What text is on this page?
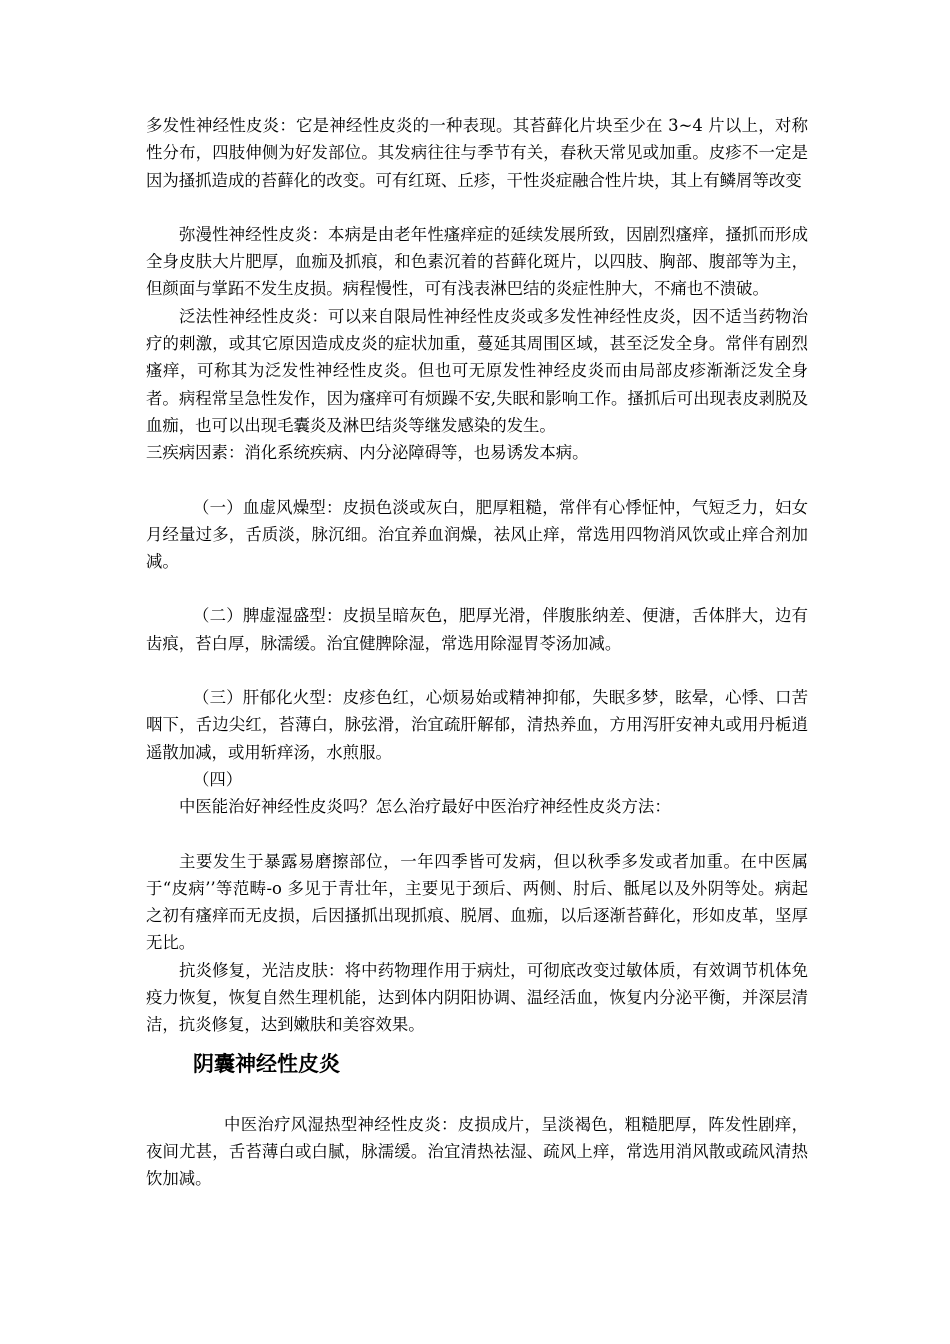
多发性神经性皮炎：它是神经性皮炎的一种表现。其苔藓化片块至少在 3~4 片以上，对称性分布，四肢伸侧为好发部位。其发病往往与季节有关，春秋天常见或加重。皮疹不一定是因为搔抓造成的苔藓化的改变。可有红斑、丘疹，干性炎症融合性片块，其上有鳞屑等改变

弥漫性神经性皮炎：本病是由老年性瘙痒症的延续发展所致，因剧烈瘙痒，搔抓而形成全身皮肤大片肥厚，血痂及抓痕，和色素沉着的苔藓化斑片，以四肢、胸部、腹部等为主，但颜面与掌跖不发生皮损。病程慢性，可有浅表淋巴结的炎症性肿大，不痛也不溃破。

泛法性神经性皮炎：可以来自限局性神经性皮炎或多发性神经性皮炎，因不适当药物治疗的刺激，或其它原因造成皮炎的症状加重，蔓延其周围区域，甚至泛发全身。常伴有剧烈瘙痒，可称其为泛发性神经性皮炎。但也可无原发性神经皮炎而由局部皮疹渐渐泛发全身者。病程常呈急性发作，因为瘙痒可有烦躁不安,失眠和影响工作。搔抓后可出现表皮剥脱及血痂，也可以出现毛囊炎及淋巴结炎等继发感染的发生。

三疾病因素：消化系统疾病、内分泌障碍等，也易诱发本病。

（一）血虚风燥型：皮损色淡或灰白，肥厚粗糙，常伴有心悸怔忡，气短乏力，妇女月经量过多，舌质淡，脉沉细。治宜养血润燥，祛风止痒，常选用四物消风饮或止痒合剂加减。

（二）脾虚湿盛型：皮损呈暗灰色，肥厚光滑，伴腹胀纳差、便溏，舌体胖大，边有齿痕，苔白厚，脉濡缓。治宜健脾除湿，常选用除湿胃苓汤加减。

（三）肝郁化火型：皮疹色红，心烦易始或精神抑郁，失眠多梦，眩晕，心悸、口苦咽下，舌边尖红，苔薄白，脉弦滑，治宜疏肝解郁，清热养血，方用泻肝安神丸或用丹栀逍遥散加减，或用斩痒汤，水煎服。

（四）

中医能治好神经性皮炎吗？怎么治疗最好中医治疗神经性皮炎方法：

主要发生于暴露易磨擦部位，一年四季皆可发病，但以秋季多发或者加重。在中医属于“皮病’’等范畴-o 多见于青壮年，主要见于颈后、两侧、肘后、骶尾以及外阴等处。病起之初有瘙痒而无皮损，后因搔抓出现抓痕、脱屑、血痂，以后逐渐苔藓化，形如皮革，坚厚无比。

抗炎修复，光洁皮肤：将中药物理作用于病灶，可彻底改变过敏体质，有效调节机体免疫力恢复，恢复自然生理机能，达到体内阴阳协调、温经活血，恢复内分泌平衡，并深层清洁，抗炎修复，达到嫩肤和美容效果。

阴囊神经性皮炎

中医治疗风湿热型神经性皮炎：皮损成片，呈淡褐色，粗糙肥厚，阵发性剧痒，夜间尤甚，舌苔薄白或白腻，脉濡缓。治宜清热祛湿、疏风上痒，常选用消风散或疏风清热饮加减。
